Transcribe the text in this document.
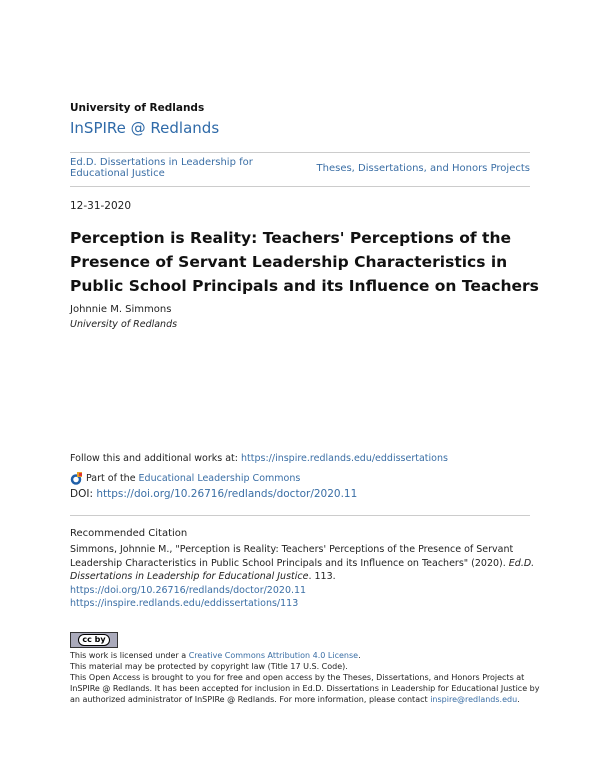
University of Redlands
InSPIRe @ Redlands
Ed.D. Dissertations in Leadership for Educational Justice	Theses, Dissertations, and Honors Projects
12-31-2020
Perception is Reality: Teachers' Perceptions of the Presence of Servant Leadership Characteristics in Public School Principals and its Influence on Teachers
Johnnie M. Simmons
University of Redlands
Follow this and additional works at: https://inspire.redlands.edu/eddissertations
Part of the Educational Leadership Commons
DOI: https://doi.org/10.26716/redlands/doctor/2020.11
Recommended Citation
Simmons, Johnnie M., "Perception is Reality: Teachers' Perceptions of the Presence of Servant Leadership Characteristics in Public School Principals and its Influence on Teachers" (2020). Ed.D. Dissertations in Leadership for Educational Justice. 113. https://doi.org/10.26716/redlands/doctor/2020.11
https://inspire.redlands.edu/eddissertations/113
cc by
This work is licensed under a Creative Commons Attribution 4.0 License.
This material may be protected by copyright law (Title 17 U.S. Code).
This Open Access is brought to you for free and open access by the Theses, Dissertations, and Honors Projects at InSPIRe @ Redlands. It has been accepted for inclusion in Ed.D. Dissertations in Leadership for Educational Justice by an authorized administrator of InSPIRe @ Redlands. For more information, please contact inspire@redlands.edu.
